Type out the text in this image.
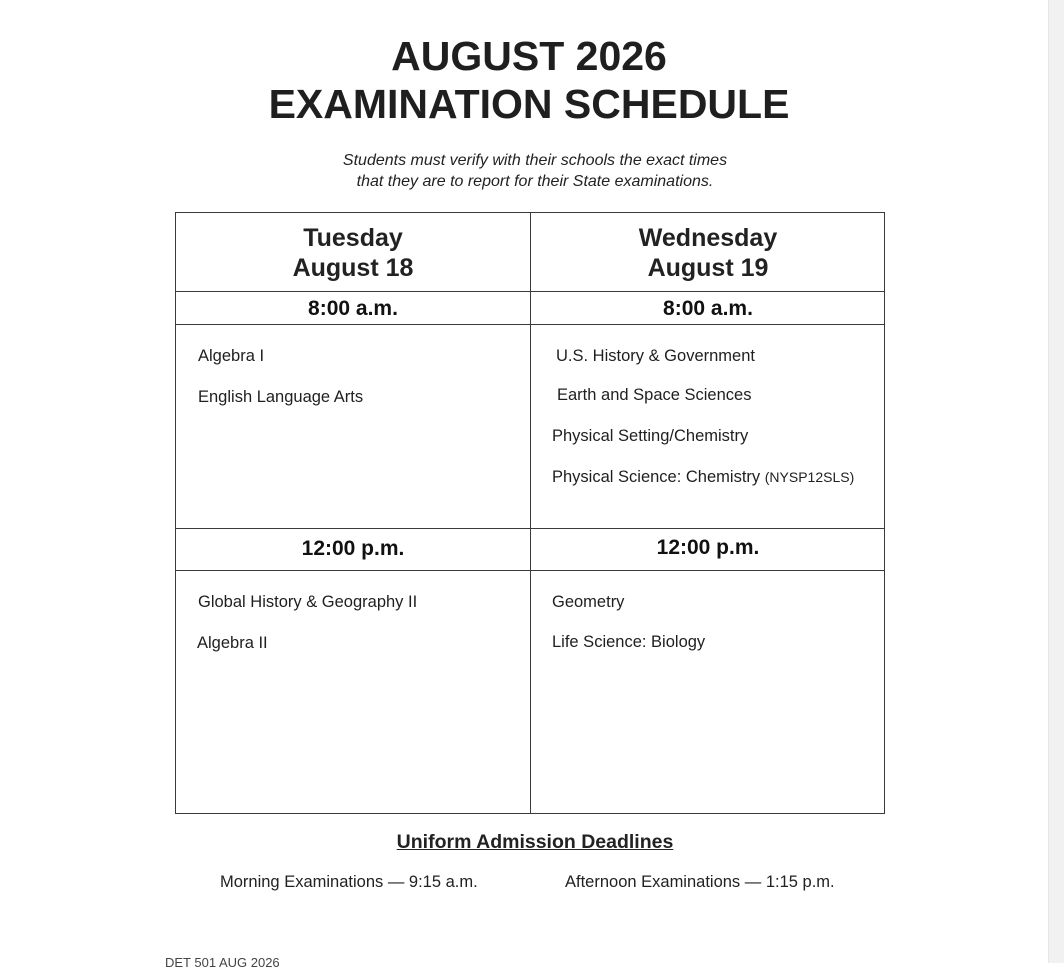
AUGUST 2026
EXAMINATION SCHEDULE
Students must verify with their schools the exact times
that they are to report for their State examinations.
Tuesday
August 18
8:00 a.m.
Algebra I
English Language Arts
12:00 p.m.
Global History & Geography II
Algebra II
Wednesday
August 19
8:00 a.m.
U.S. History & Government
Earth and Space Sciences
Physical Setting/Chemistry
Physical Science: Chemistry (NYSP12SLS)
12:00 p.m.
Geometry
Life Science: Biology
Uniform Admission Deadlines
Morning Examinations — 9:15 a.m.	Afternoon Examinations — 1:15 p.m.
DET 501 AUG 2026
